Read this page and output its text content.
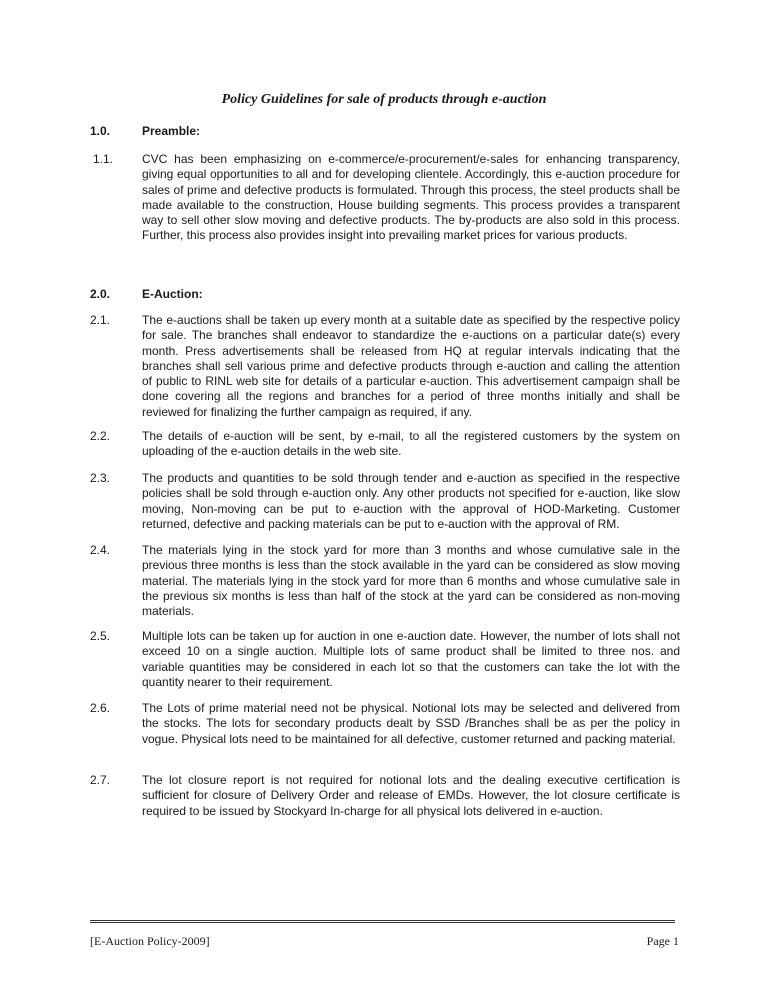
Policy Guidelines for sale of products through e-auction
1.0.	Preamble:
1.1. CVC has been emphasizing on e-commerce/e-procurement/e-sales for enhancing transparency, giving equal opportunities to all and for developing clientele. Accordingly, this e-auction procedure for sales of prime and defective products is formulated. Through this process, the steel products shall be made available to the construction, House building segments. This process provides a transparent way to sell other slow moving and defective products. The by-products are also sold in this process. Further, this process also provides insight into prevailing market prices for various products.
2.0.	E-Auction:
2.1.	The e-auctions shall be taken up every month at a suitable date as specified by the respective policy for sale. The branches shall endeavor to standardize the e-auctions on a particular date(s) every month. Press advertisements shall be released from HQ at regular intervals indicating that the branches shall sell various prime and defective products through e-auction and calling the attention of public to RINL web site for details of a particular e-auction. This advertisement campaign shall be done covering all the regions and branches for a period of three months initially and shall be reviewed for finalizing the further campaign as required, if any.
2.2.	The details of e-auction will be sent, by e-mail, to all the registered customers by the system on uploading of the e-auction details in the web site.
2.3.	The products and quantities to be sold through tender and e-auction as specified in the respective policies shall be sold through e-auction only. Any other products not specified for e-auction, like slow moving, Non-moving can be put to e-auction with the approval of HOD-Marketing. Customer returned, defective and packing materials can be put to e-auction with the approval of RM.
2.4.	The materials lying in the stock yard for more than 3 months and whose cumulative sale in the previous three months is less than the stock available in the yard can be considered as slow moving material. The materials lying in the stock yard for more than 6 months and whose cumulative sale in the previous six months is less than half of the stock at the yard can be considered as non-moving materials.
2.5.	Multiple lots can be taken up for auction in one e-auction date. However, the number of lots shall not exceed 10 on a single auction. Multiple lots of same product shall be limited to three nos. and variable quantities may be considered in each lot so that the customers can take the lot with the quantity nearer to their requirement.
2.6.	The Lots of prime material need not be physical. Notional lots may be selected and delivered from the stocks. The lots for secondary products dealt by SSD /Branches shall be as per the policy in vogue. Physical lots need to be maintained for all defective, customer returned and packing material.
2.7.	The lot closure report is not required for notional lots and the dealing executive certification is sufficient for closure of Delivery Order and release of EMDs. However, the lot closure certificate is required to be issued by Stockyard In-charge for all physical lots delivered in e-auction.
[E-Auction Policy-2009]	Page 1
